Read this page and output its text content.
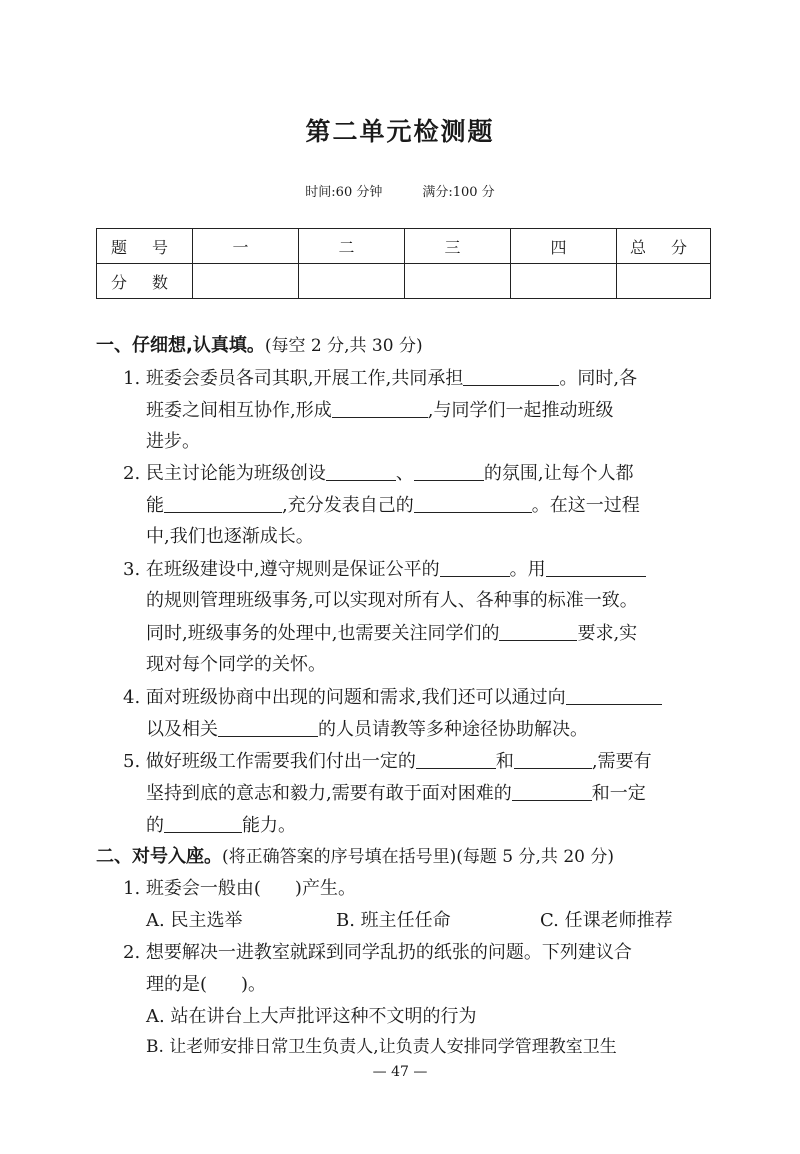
第二单元检测题
时间:60 分钟	满分:100 分
题 号	一	二	三	四	总 分
分 数					
一、仔细想,认真填。(每空 2 分,共 30 分)
1. 班委会委员各司其职,开展工作,共同承担	。同时,各
班委之间相互协作,形成	,与同学们一起推动班级
进步。
2. 民主讨论能为班级创设	、	的氛围,让每个人都
能	,充分发表自己的	。在这一过程
中,我们也逐渐成长。
3. 在班级建设中,遵守规则是保证公平的	。用
的规则管理班级事务,可以实现对所有人、各种事的标准一致。
同时,班级事务的处理中,也需要关注同学们的	要求,实
现对每个同学的关怀。
4. 面对班级协商中出现的问题和需求,我们还可以通过向
以及相关	的人员请教等多种途径协助解决。
5. 做好班级工作需要我们付出一定的	和	,需要有
坚持到底的意志和毅力,需要有敢于面对困难的	和一定
的	能力。
二、对号入座。(将正确答案的序号填在括号里)(每题 5 分,共 20 分)
1. 班委会一般由( )产生。
A. 民主选举	B. 班主任任命	C. 任课老师推荐
2. 想要解决一进教室就踩到同学乱扔的纸张的问题。下列建议合
理的是( )。
A. 站在讲台上大声批评这种不文明的行为
B. 让老师安排日常卫生负责人,让负责人安排同学管理教室卫生
— 47 —
